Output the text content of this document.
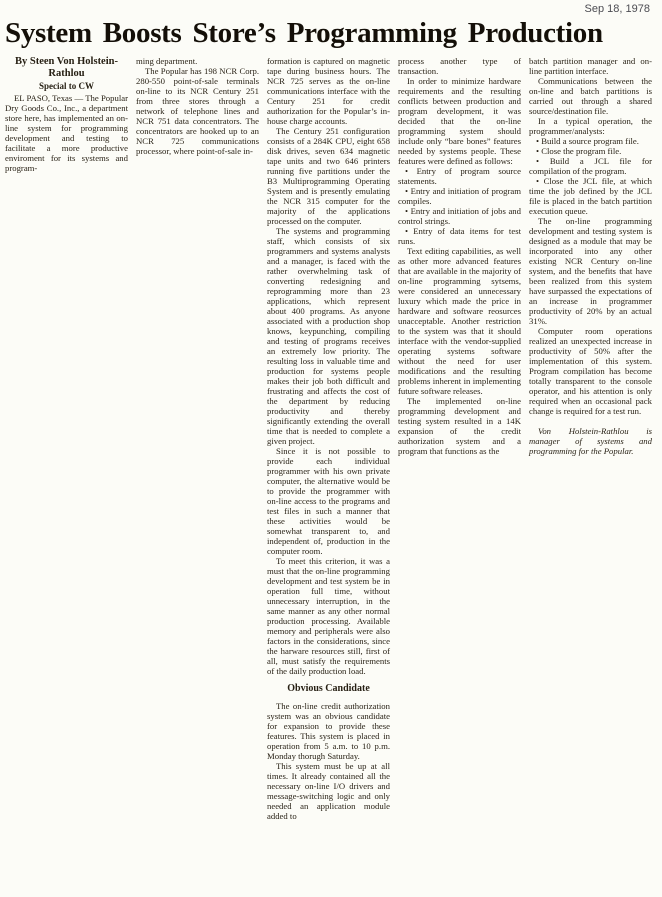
Sep 18, 1978
System Boosts Store’s Programming Production
By Steen Von Holstein-Rathlou
Special to CW

EL PASO, Texas — The Popular Dry Goods Co., Inc., a department store here, has implemented an on-line system for programming development and testing to facilitate a more productive enviroment for its systems and program-

ming department.

The Popular has 198 NCR Corp. 280-550 point-of-sale terminals on-line to its NCR Century 251 from three stores through a network of telephone lines and NCR 751 data concentrators. The concentrators are hooked up to an NCR 725 communications processor, where point-of-sale in-

formation is captured on magnetic tape during business hours. The NCR 725 serves as the on-line communications interface with the Century 251 for credit authorization for the Popular’s in-house charge accounts.

The Century 251 configuration consists of a 284K CPU, eight 658 disk drives, seven 634 magnetic tape units and two 646 printers running five partitions under the B3 Multiprogramming Operating System and is presently emulating the NCR 315 computer for the majority of the applications processed on the computer.

The systems and programming staff, which consists of six programmers and systems analysts and a manager, is faced with the rather overwhelming task of converting redesigning and reprogramming more than 23 applications, which represent about 400 programs. As anyone associated with a production shop knows, keypunching, compiling and testing of programs receives an extremely low priority. The resulting loss in valuable time and production for systems people makes their job both difficult and frustrating and affects the cost of the department by reducing productivity and thereby significantly extending the overall time that is needed to complete a given project.

Since it is not possible to provide each individual programmer with his own private computer, the alternative would be to provide the programmer with on-line access to the programs and test files in such a manner that these activities would be somewhat transparent to, and independent of, production in the computer room.

To meet this criterion, it was a must that the on-line programming development and test system be in operation full time, without unnecessary interruption, in the same manner as any other normal production processing. Available memory and peripherals were also factors in the considerations, since the harware resources still, first of all, must satisfy the requirements of the daily production load.

Obvious Candidate

The on-line credit authorization system was an obvious candidate for expansion to provide these features. This system is placed in operation from 5 a.m. to 10 p.m. Monday thorugh Saturday.

This system must be up at all times. It already contained all the necessary on-line I/O drivers and message-switching logic and only needed an application module added to

process another type of transaction.

In order to minimize hardware requirements and the resulting conflicts between production and program development, it was decided that the on-line programming system should include only “bare bones” features needed by systems people. These features were defined as follows:

• Entry of program source statements.

• Entry and initiation of program compiles.

• Entry and initiation of jobs and control strings.

• Entry of data items for test runs.

Text editing capabilities, as well as other more advanced features that are available in the majority of on-line programming sytsems, were considered an unnecessary luxury which made the price in hardware and software reosurces unacceptable. Another restriction to the system was that it should interface with the vendor-supplied operating systems software without the need for user modifications and the resulting problems inherent in implementing future software releases.

The implemented on-line programming development and testing system resulted in a 14K expansion of the credit authorization system and a program that functions as the

batch partition manager and on-line partition interface.

Communications between the on-line and batch partitions is carried out through a shared source/destination file.

In a typical operation, the programmer/analysts:

• Build a source program file.

• Close the program file.

• Build a JCL file for compilation of the program.

• Close the JCL file, at which time the job defined by the JCL file is placed in the batch partition execution queue.

The on-line programming development and testing system is designed as a module that may be incorporated into any other existing NCR Century on-line system, and the benefits that have been realized from this system have surpassed the expectations of an increase in programmer productivity of 20% by an actual 31%.

Computer room operations realized an unexpected increase in productivity of 50% after the implementation of this system. Program compilation has become totally transparent to the console operator, and his attention is only required when an occasional pack change is required for a test run.

Von Holstein-Rathlou is manager of systems and programming for the Popular.
